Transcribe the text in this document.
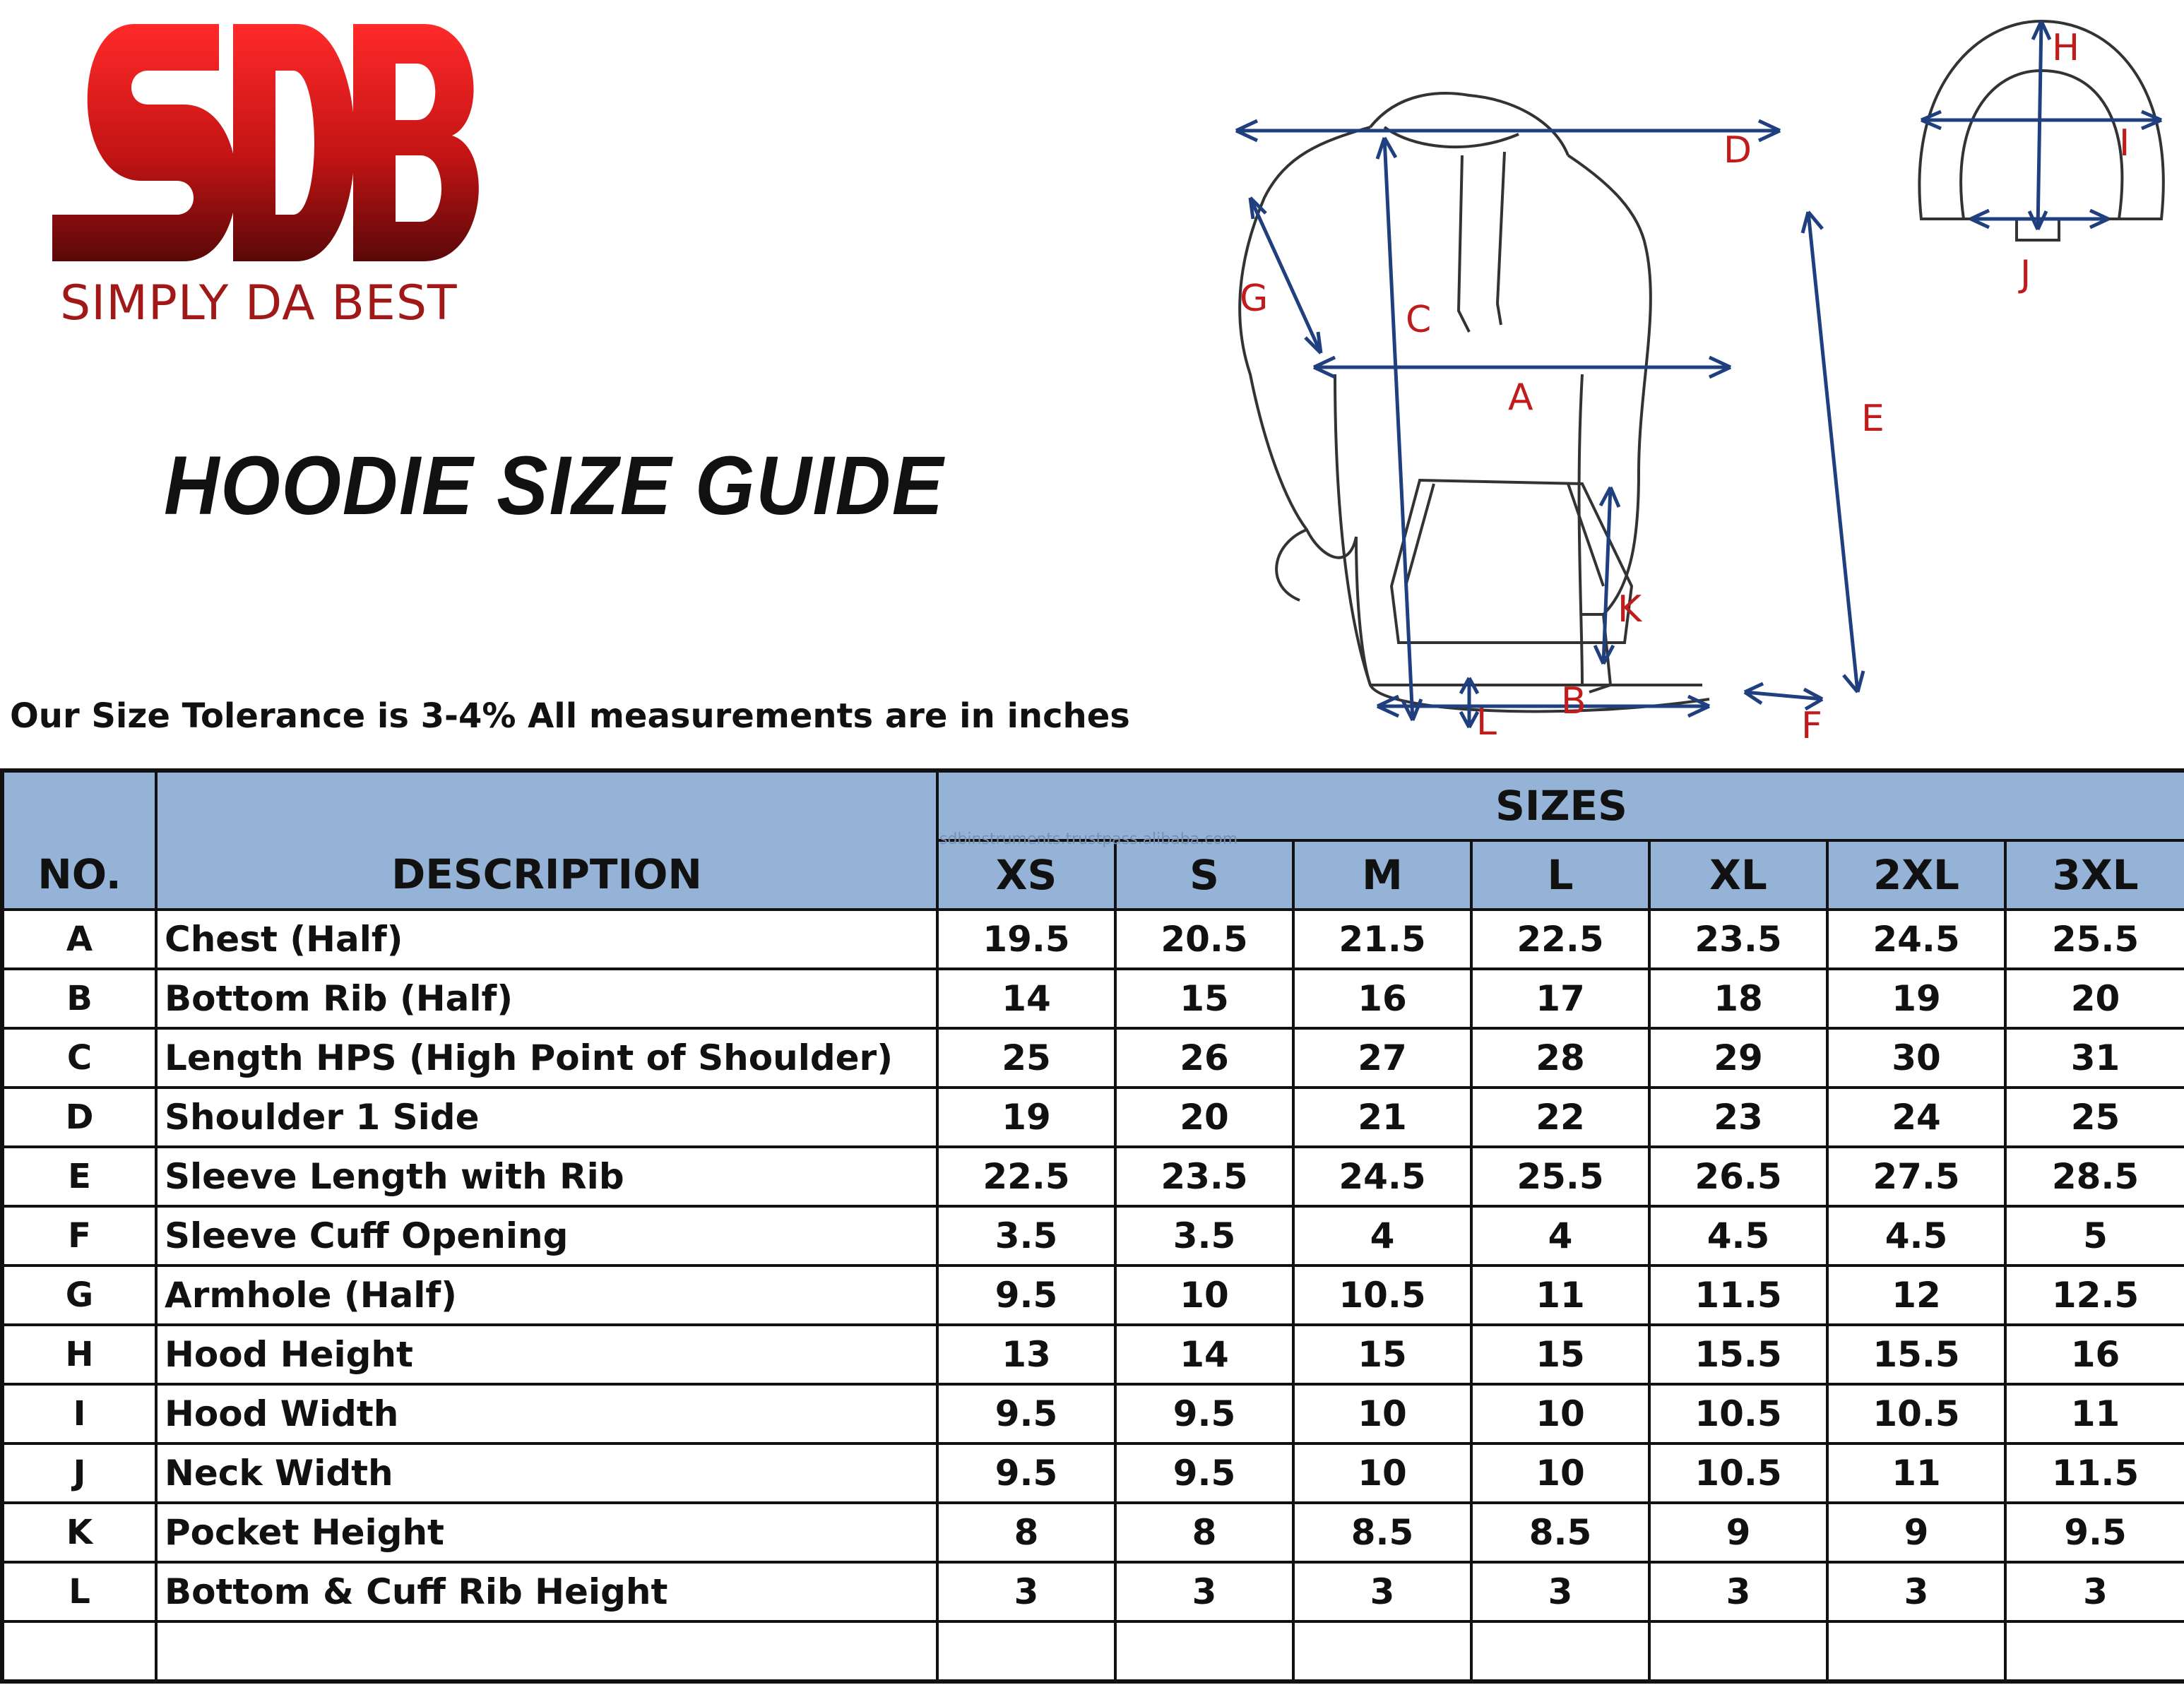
SIMPLY DA BEST
HOODIE SIZE GUIDE
D
C
G
A	E
K
B
L	F
H
I
J
Our Size Tolerance is 3-4% All measurements are in inches
NO.	DESCRIPTION	SIZES						
		XS	S	M	L	XL	2XL	3XL
A	Chest (Half)	19.5	20.5	21.5	22.5	23.5	24.5	25.5
B	Bottom Rib (Half)	14	15	16	17	18	19	20
C	Length HPS (High Point of Shoulder)	25	26	27	28	29	30	31
D	Shoulder 1 Side	19	20	21	22	23	24	25
E	Sleeve Length with Rib	22.5	23.5	24.5	25.5	26.5	27.5	28.5
F	Sleeve Cuff Opening	3.5	3.5	4	4	4.5	4.5	5
G	Armhole (Half)	9.5	10	10.5	11	11.5	12	12.5
H	Hood Height	13	14	15	15	15.5	15.5	16
I	Hood Width	9.5	9.5	10	10	10.5	10.5	11
J	Neck Width	9.5	9.5	10	10	10.5	11	11.5
K	Pocket Height	8	8	8.5	8.5	9	9	9.5
L	Bottom & Cuff Rib Height	3	3	3	3	3	3	3

sdbinstruments.trustpass.alibaba.com
